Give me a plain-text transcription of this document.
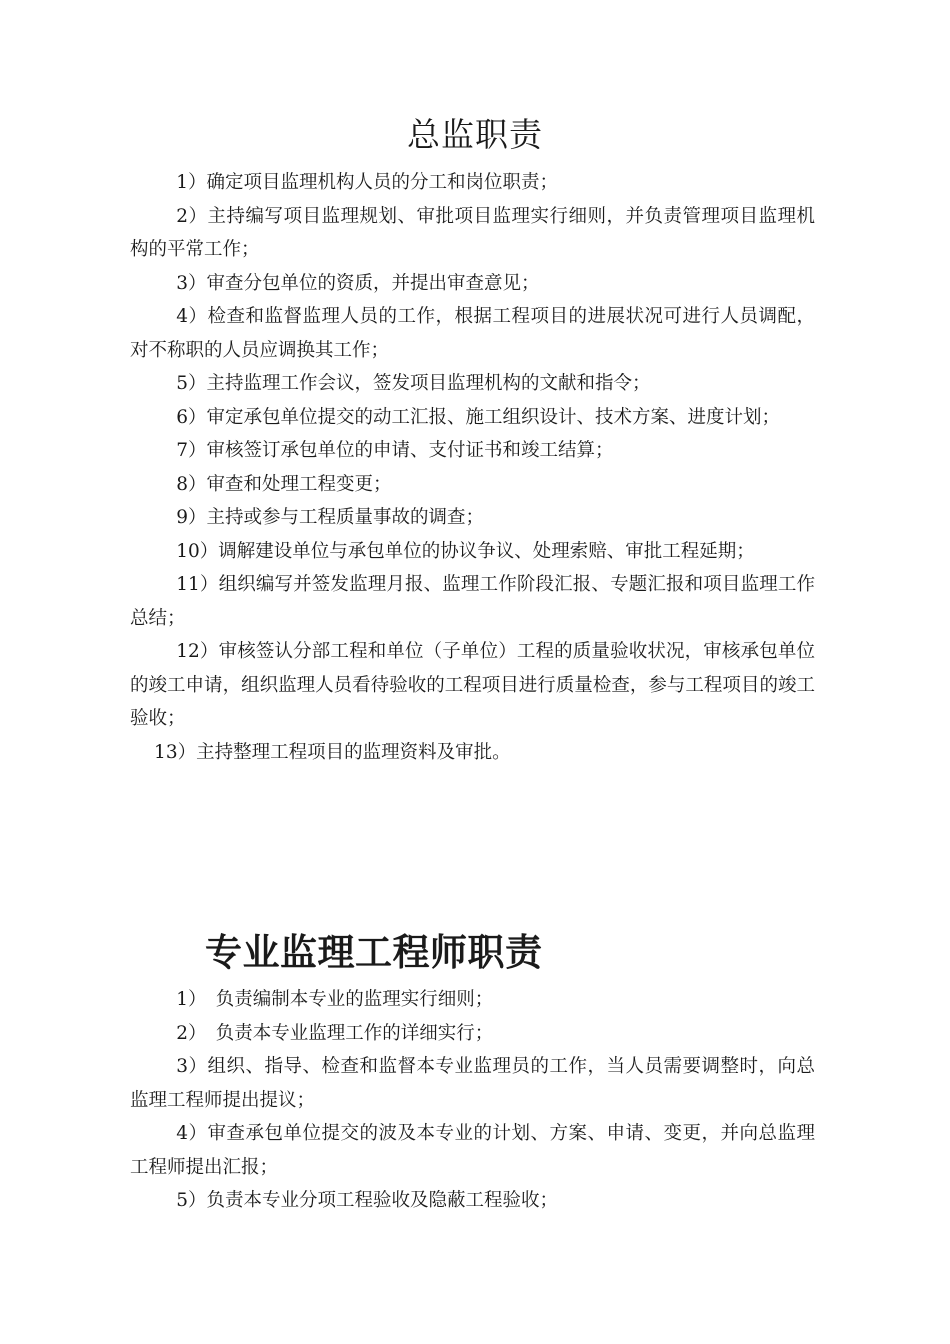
总监职责
1）确定项目监理机构人员的分工和岗位职责；
2）主持编写项目监理规划、审批项目监理实行细则，并负责管理项目监理机构的平常工作；
3）审查分包单位的资质，并提出审查意见；
4）检查和监督监理人员的工作，根据工程项目的进展状况可进行人员调配，对不称职的人员应调换其工作；
5）主持监理工作会议，签发项目监理机构的文献和指令；
6）审定承包单位提交的动工汇报、施工组织设计、技术方案、进度计划；
7）审核签订承包单位的申请、支付证书和竣工结算；
8）审查和处理工程变更；
9）主持或参与工程质量事故的调查；
10）调解建设单位与承包单位的协议争议、处理索赔、审批工程延期；
11）组织编写并签发监理月报、监理工作阶段汇报、专题汇报和项目监理工作总结；
12）审核签认分部工程和单位（子单位）工程的质量验收状况，审核承包单位的竣工申请，组织监理人员看待验收的工程项目进行质量检查，参与工程项目的竣工验收；
13）主持整理工程项目的监理资料及审批。
专业监理工程师职责
1）　负责编制本专业的监理实行细则；
2）　负责本专业监理工作的详细实行；
3）组织、指导、检查和监督本专业监理员的工作，当人员需要调整时，向总监理工程师提出提议；
4）审查承包单位提交的波及本专业的计划、方案、申请、变更，并向总监理工程师提出汇报；
5）负责本专业分项工程验收及隐蔽工程验收；
